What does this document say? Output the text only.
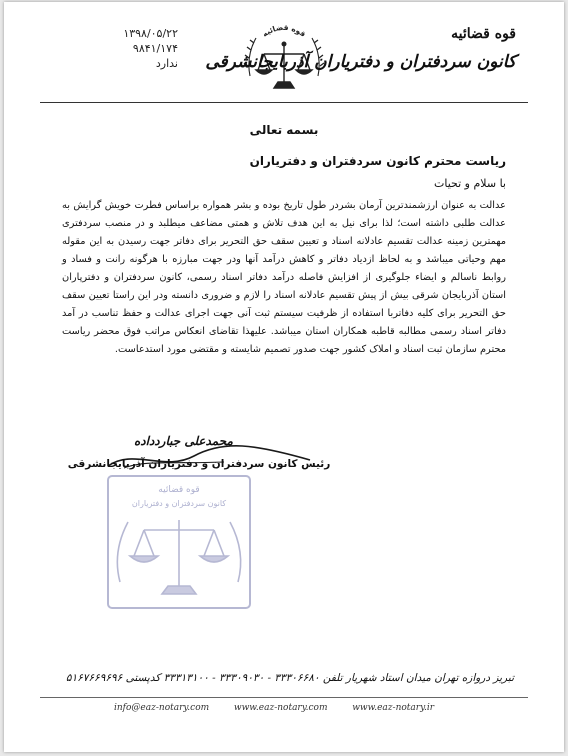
۱۳۹۸/۰۵/۲۲
۹۸۴۱/۱۷۴
ندارد
قوه قضائیه	قوه قضائیه
کانون سردفتران و دفتریاران آذربایجانشرقی
بسمه تعالی
ریاست محترم کانون سردفتران و دفتریاران
با سلام و تحیات
عدالت به عنوان ارزشمندترین آرمان بشردر طول تاریخ بوده و بشر همواره براساس فطرت خویش گرایش به عدالت طلبی داشته است؛ لذا برای نیل به این هدف تلاش و همتی مضاعف میطلبد و در منصب سردفتری مهمترین زمینه عدالت تقسیم عادلانه اسناد و تعیین سقف حق التحریر برای دفاتر جهت رسیدن به این مقوله مهم وحیاتی میباشد و به لحاظ ازدیاد دفاتر و کاهش درآمد آنها ودر جهت مبارزه با هرگونه رانت و فساد و روابط ناسالم و ایضاء جلوگیری از افزایش فاصله درآمد دفاتر اسناد رسمی، کانون سردفتران و دفترپاران استان آذربایجان شرقی بیش از پیش تقسیم عادلانه اسناد را لازم و ضروری دانسته ودر این راستا تعیین سقف حق التحریر برای کلیه دفاتربا استفاده از ظرفیت سیستم ثبت آنی جهت اجرای عدالت و حفظ تناسب در آمد دفاتر اسناد رسمی مطالبه قاطبه همکاران استان میباشد. علیهذا تقاضای انعکاس مراتب فوق محضر ریاست محترم سازمان ثبت اسناد و املاک کشور جهت صدور تصمیم شایسته و مقتضی مورد استدعاست.
محمدعلی جباردداده
رئیس کانون سردفتران و دفتریاران آذربایجانشرقی
قوه قضائیه
کانون سردفتران و دفتریاران
تبریز دروازه تهران میدان استاد شهریار تلفن ۳۳۳۰۶۶۸۰ - ۳۳۳۰۹۰۳۰ - ۳۳۳۱۳۱۰۰ کدپستی ۵۱۶۷۶۶۹۶۹۶
info@eaz-notary.com	www.eaz-notary.com	www.eaz-notary.ir
